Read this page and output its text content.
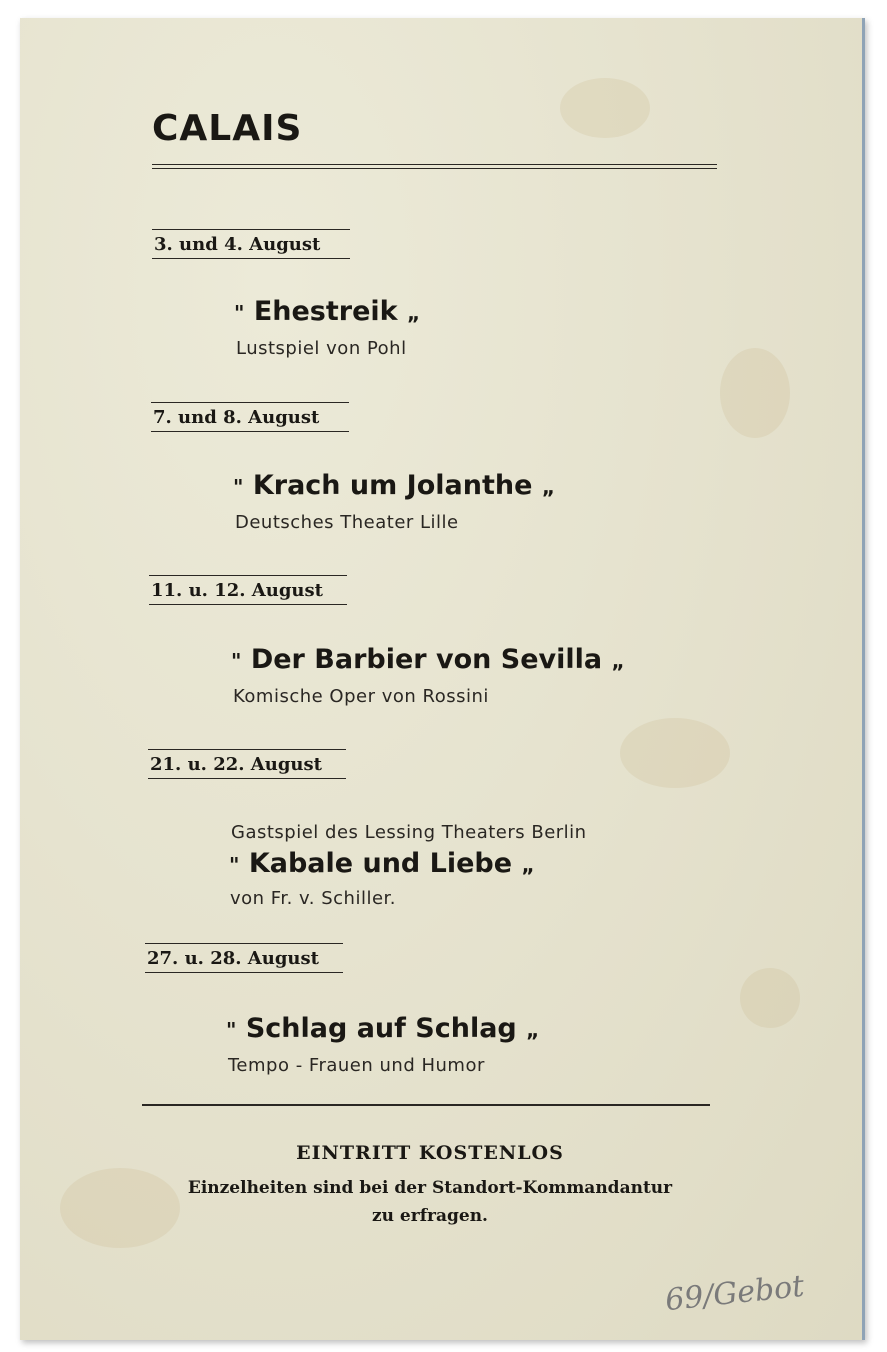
CALAIS
3. und 4. August
" Ehestreik „
Lustspiel von Pohl
7. und 8. August
" Krach um Jolanthe „
Deutsches Theater Lille
11. u. 12. August
" Der Barbier von Sevilla „
Komische Oper von Rossini
21. u. 22. August
Gastspiel des Lessing Theaters Berlin
" Kabale und Liebe „
von Fr. v. Schiller.
27. u. 28. August
" Schlag auf Schlag „
Tempo - Frauen und Humor
EINTRITT KOSTENLOS
Einzelheiten sind bei der Standort-Kommandantur
zu erfragen.
69/Gebot
